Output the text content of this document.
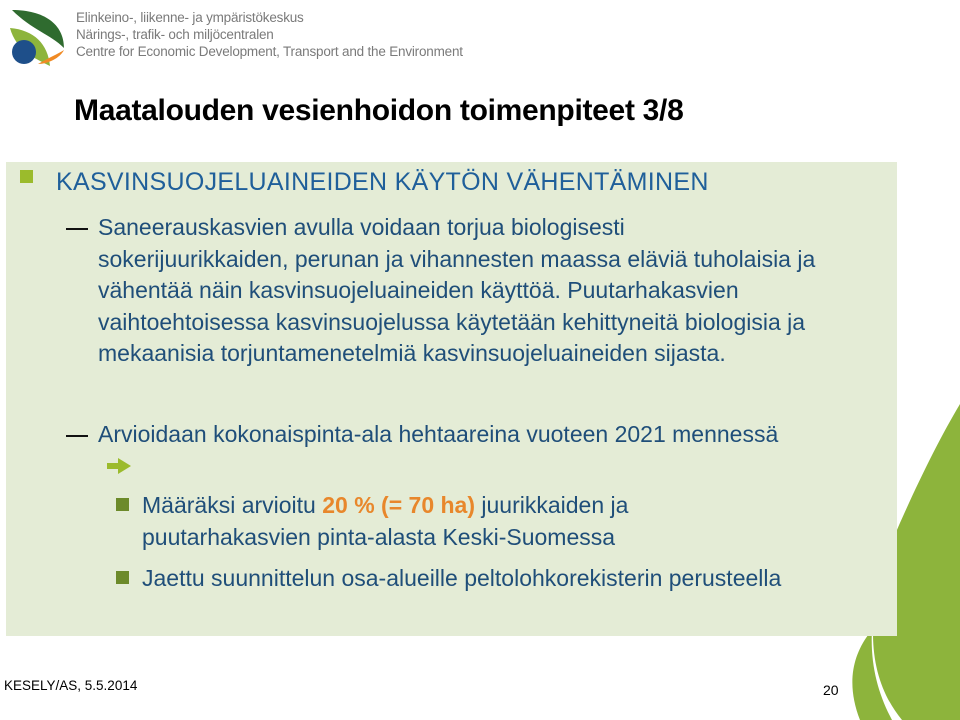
Elinkeino-, liikenne- ja ympäristökeskus
Närings-, trafik- och miljöcentralen
Centre for Economic Development, Transport and the Environment
Maatalouden vesienhoidon toimenpiteet 3/8
KASVINSUOJELUAINEIDEN KÄYTÖN VÄHENTÄMINEN
Saneerauskasvien avulla voidaan torjua biologisesti sokerijuurikkaiden, perunan ja vihannesten maassa eläviä tuholaisia ja vähentää näin kasvinsuojeluaineiden käyttöä. Puutarhakasvien vaihtoehtoisessa kasvinsuojelussa käytetään kehittyneitä biologisia ja mekaanisia torjuntamenetelmiä kasvinsuojeluaineiden sijasta.
Arvioidaan kokonaispinta-ala hehtaareina vuoteen 2021 mennessä
Määräksi arvioitu 20 % (= 70 ha) juurikkaiden ja puutarhakasvien pinta-alasta Keski-Suomessa
Jaettu suunnittelun osa-alueille peltolohkorekisterin perusteella
KESELY/AS, 5.5.2014	20
